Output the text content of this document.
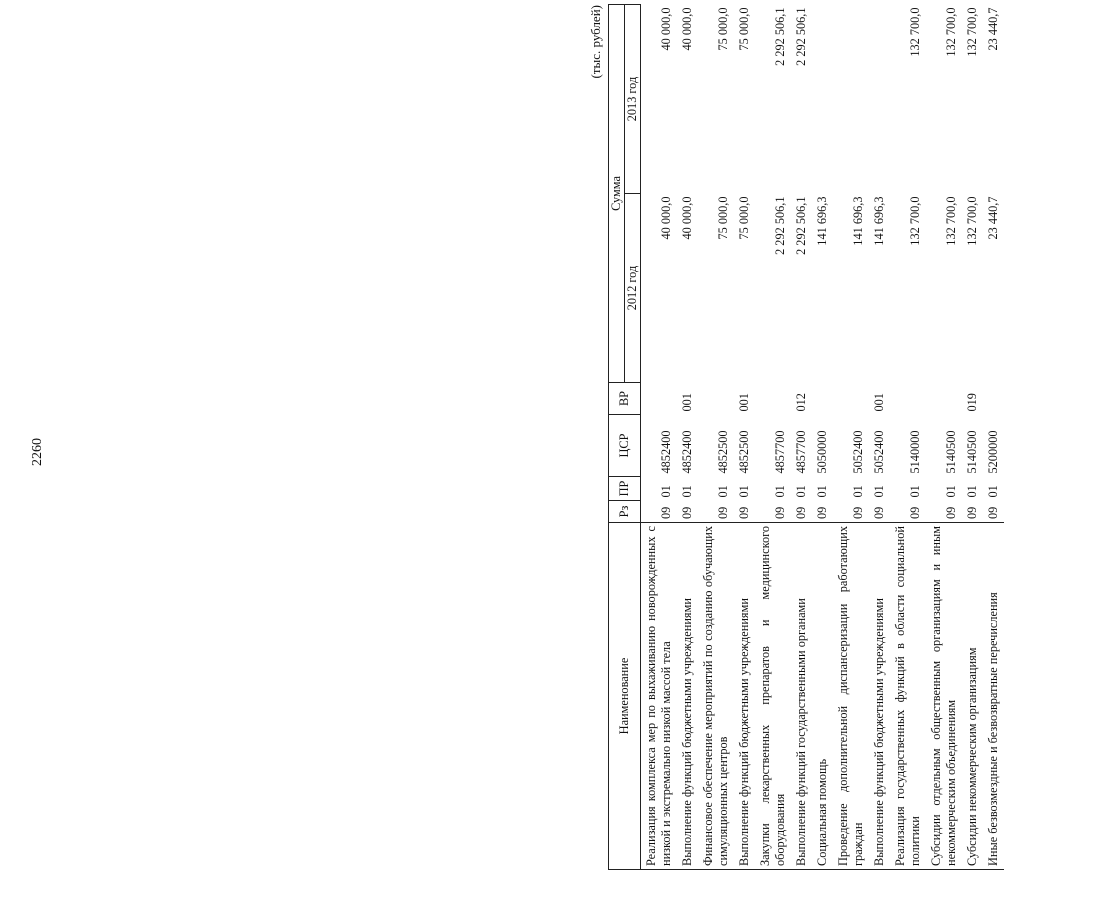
2260
(тыс. рублей)
Наименование	Рз	ПР	ЦСР	ВР	Сумма	
					2012 год	2013 год
Реализация комплекса мер по выхаживанию новорожденных с низкой и экстремально низкой массой тела	09	01	4852400		40 000,0	40 000,0
Выполнение функций бюджетными учреждениями	09	01	4852400	001	40 000,0	40 000,0
Финансовое обеспечение мероприятий по созданию обучающих симуляционных центров	09	01	4852500		75 000,0	75 000,0
Выполнение функций бюджетными учреждениями	09	01	4852500	001	75 000,0	75 000,0
Закупки лекарственных препаратов и медицинского оборудования	09	01	4857700		2 292 506,1	2 292 506,1
Выполнение функций государственными органами	09	01	4857700	012	2 292 506,1	2 292 506,1
Социальная помощь	09	01	5050000		141 696,3	
Проведение дополнительной диспансеризации работающих граждан	09	01	5052400		141 696,3	
Выполнение функций бюджетными учреждениями	09	01	5052400	001	141 696,3	
Реализация государственных функций в области социальной политики	09	01	5140000		132 700,0	132 700,0
Субсидии отдельным общественным организациям и иным некоммерческим объединениям	09	01	5140500		132 700,0	132 700,0
Субсидии некоммерческим организациям	09	01	5140500	019	132 700,0	132 700,0
Иные безвозмездные и безвозвратные перечисления	09	01	5200000		23 440,7	23 440,7
